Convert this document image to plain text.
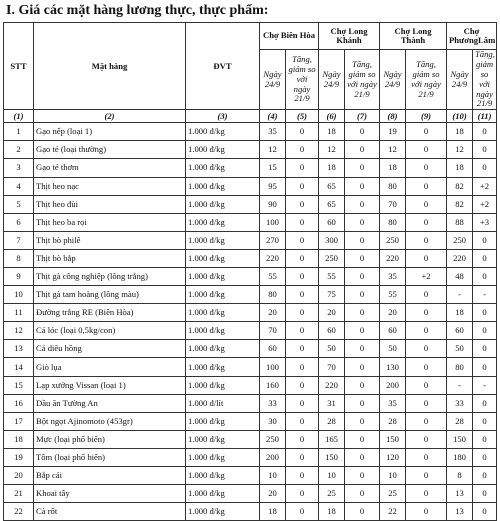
I. Giá các mặt hàng lương thực, thực phẩm:
STT	Mặt hàng	ĐVT	Chợ Biên Hòa		Chợ Long Khánh		Chợ Long Thành		Chợ PhươngLâm	
			Ngày 24/9	Tăng, giảm so với ngày 21/9	Ngày 24/9	Tăng, giảm so với ngày 21/9	Ngày 24/9	Tăng, giảm so với ngày 21/9	Ngày 24/9	Tăng, giảm so với ngày 21/9
(1)	(2)	(3)	(4)	(5)	(6)	(7)	(8)	(9)	(10)	(11)
1	Gạo nếp (loại 1)	1.000 đ/kg	35	0	18	0	19	0	18	0
2	Gạo tẻ (loại thường)	1.000 đ/kg	12	0	12	0	12	0	12	0
3	Gạo tẻ thơm	1.000 đ/kg	15	0	18	0	18	0	18	0
4	Thịt heo nạc	1.000 đ/kg	95	0	65	0	80	0	82	+2
5	Thịt heo đùi	1.000 đ/kg	90	0	65	0	70	0	82	+2
6	Thịt heo ba rọi	1.000 đ/kg	100	0	60	0	80	0	88	+3
7	Thịt bò philê	1.000 đ/kg	270	0	300	0	250	0	250	0
8	Thịt bò bắp	1.000 đ/kg	220	0	250	0	220	0	220	0
9	Thịt gà công nghiệp (lông trắng)	1.000 đ/kg	55	0	55	0	35	+2	48	0
10	Thịt gà tam hoàng (lông màu)	1.000 đ/kg	80	0	75	0	55	0	-	-
11	Đường trắng RE (Biên Hòa)	1.000 đ/kg	20	0	20	0	20	0	18	0
12	Cá lóc (loại 0,5kg/con)	1.000 đ/kg	70	0	60	0	60	0	60	0
13	Cá diêu hồng	1.000 đ/kg	60	0	50	0	50	0	50	0
14	Giò lụa	1.000 đ/kg	100	0	70	0	130	0	80	0
15	Lạp xưởng Vissan (loại 1)	1.000 đ/kg	160	0	220	0	200	0	-	-
16	Dầu ăn Tường An	1.000 đ/lít	33	0	31	0	35	0	33	0
17	Bột ngọt Ajinomoto (453gr)	1.000 đ/kg	30	0	28	0	28	0	28	0
18	Mực (loại phổ biến)	1.000 đ/kg	250	0	165	0	150	0	150	0
19	Tôm (loại phổ biến)	1.000 đ/kg	200	0	150	0	120	0	180	0
20	Bắp cải	1.000 đ/kg	10	0	10	0	10	0	8	0
21	Khoai tây	1.000 đ/kg	20	0	25	0	25	0	13	0
22	Cà rốt	1.000 đ/kg	18	0	18	0	22	0	13	0
